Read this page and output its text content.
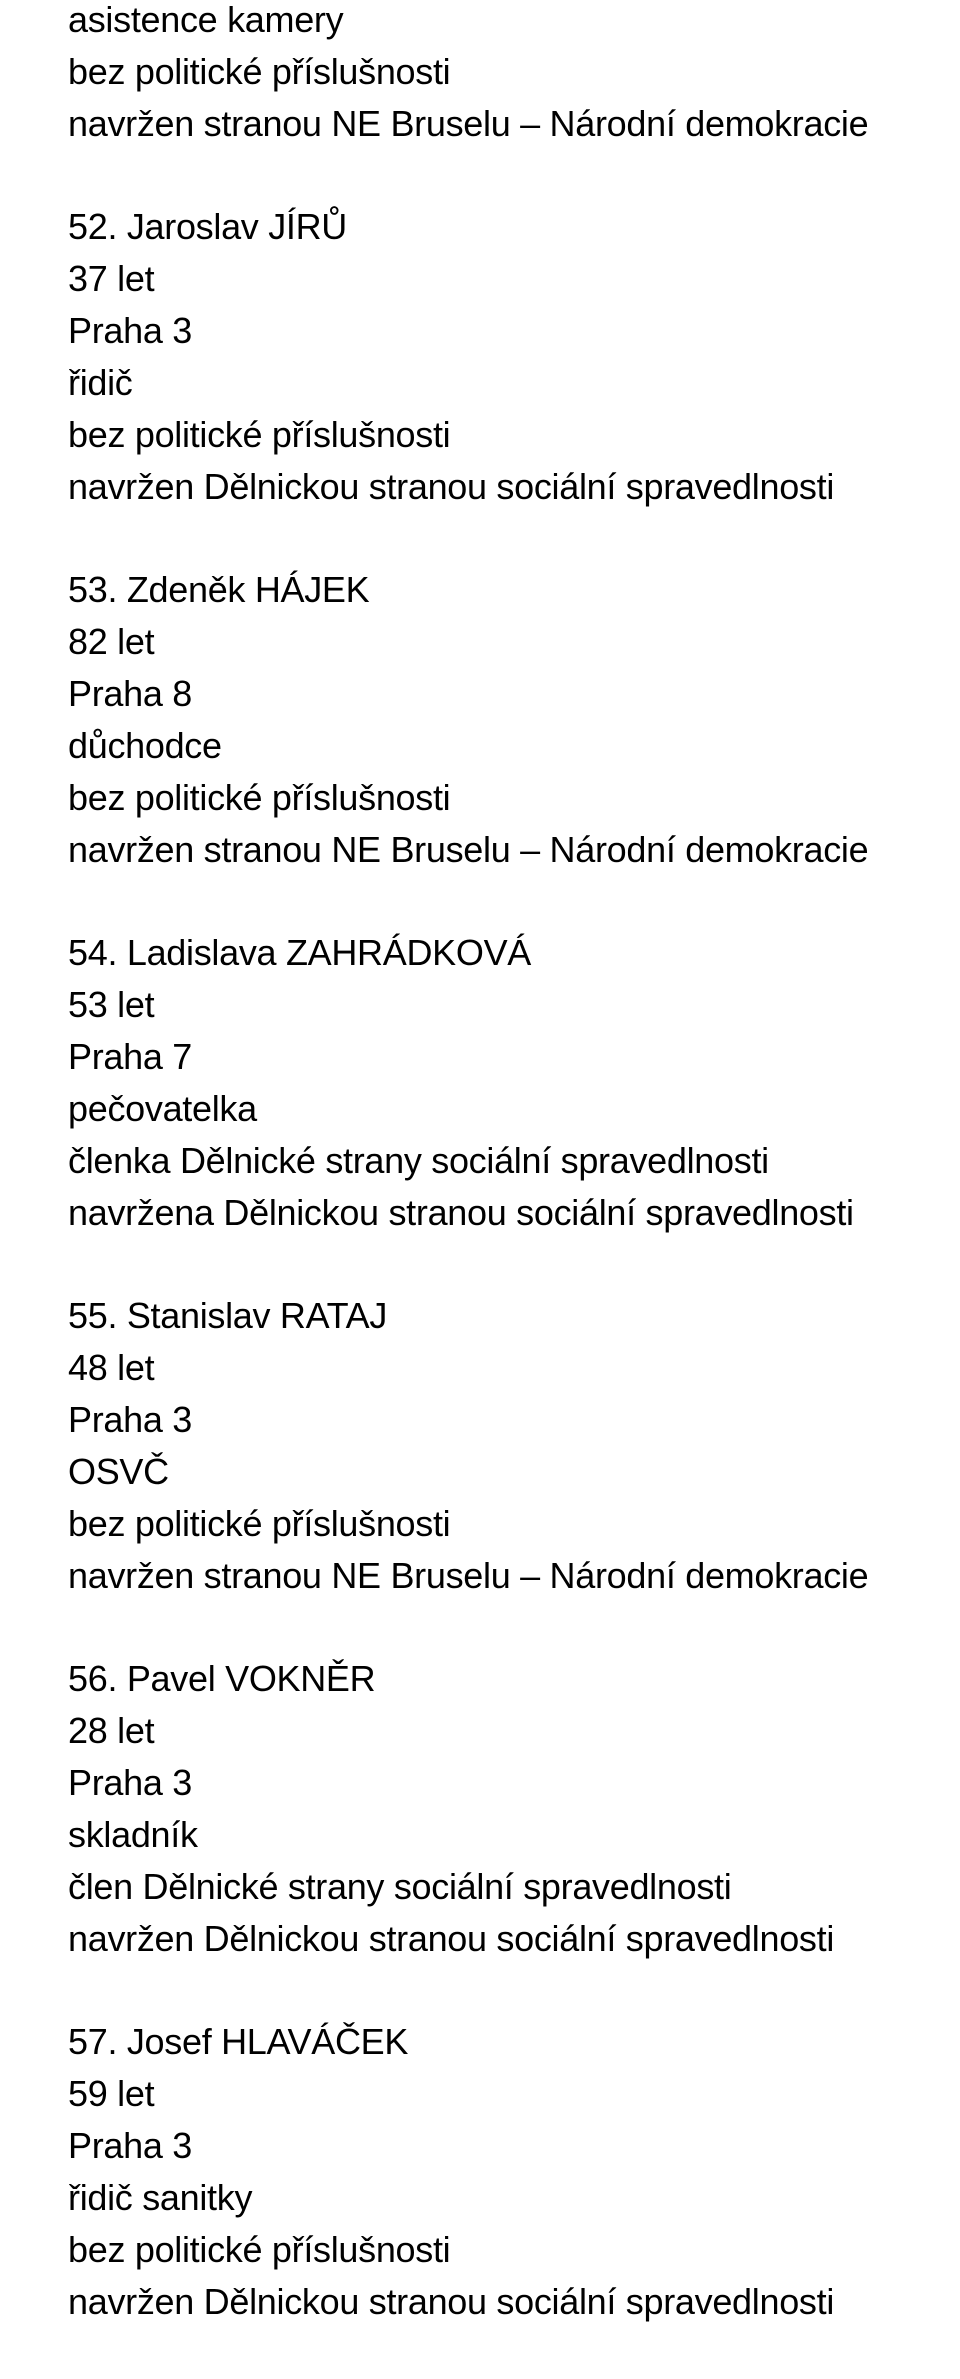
asistence kamery
bez politické příslušnosti
navržen stranou NE Bruselu – Národní demokracie
52. Jaroslav JÍRŮ
37 let
Praha 3
řidič
bez politické příslušnosti
navržen Dělnickou stranou sociální spravedlnosti
53. Zdeněk HÁJEK
82 let
Praha 8
důchodce
bez politické příslušnosti
navržen stranou NE Bruselu – Národní demokracie
54. Ladislava ZAHRÁDKOVÁ
53 let
Praha 7
pečovatelka
členka Dělnické strany sociální spravedlnosti
navržena Dělnickou stranou sociální spravedlnosti
55. Stanislav RATAJ
48 let
Praha 3
OSVČ
bez politické příslušnosti
navržen stranou NE Bruselu – Národní demokracie
56. Pavel VOKNĚR
28 let
Praha 3
skladník
člen Dělnické strany sociální spravedlnosti
navržen Dělnickou stranou sociální spravedlnosti
57. Josef HLAVÁČEK
59 let
Praha 3
řidič sanitky
bez politické příslušnosti
navržen Dělnickou stranou sociální spravedlnosti
